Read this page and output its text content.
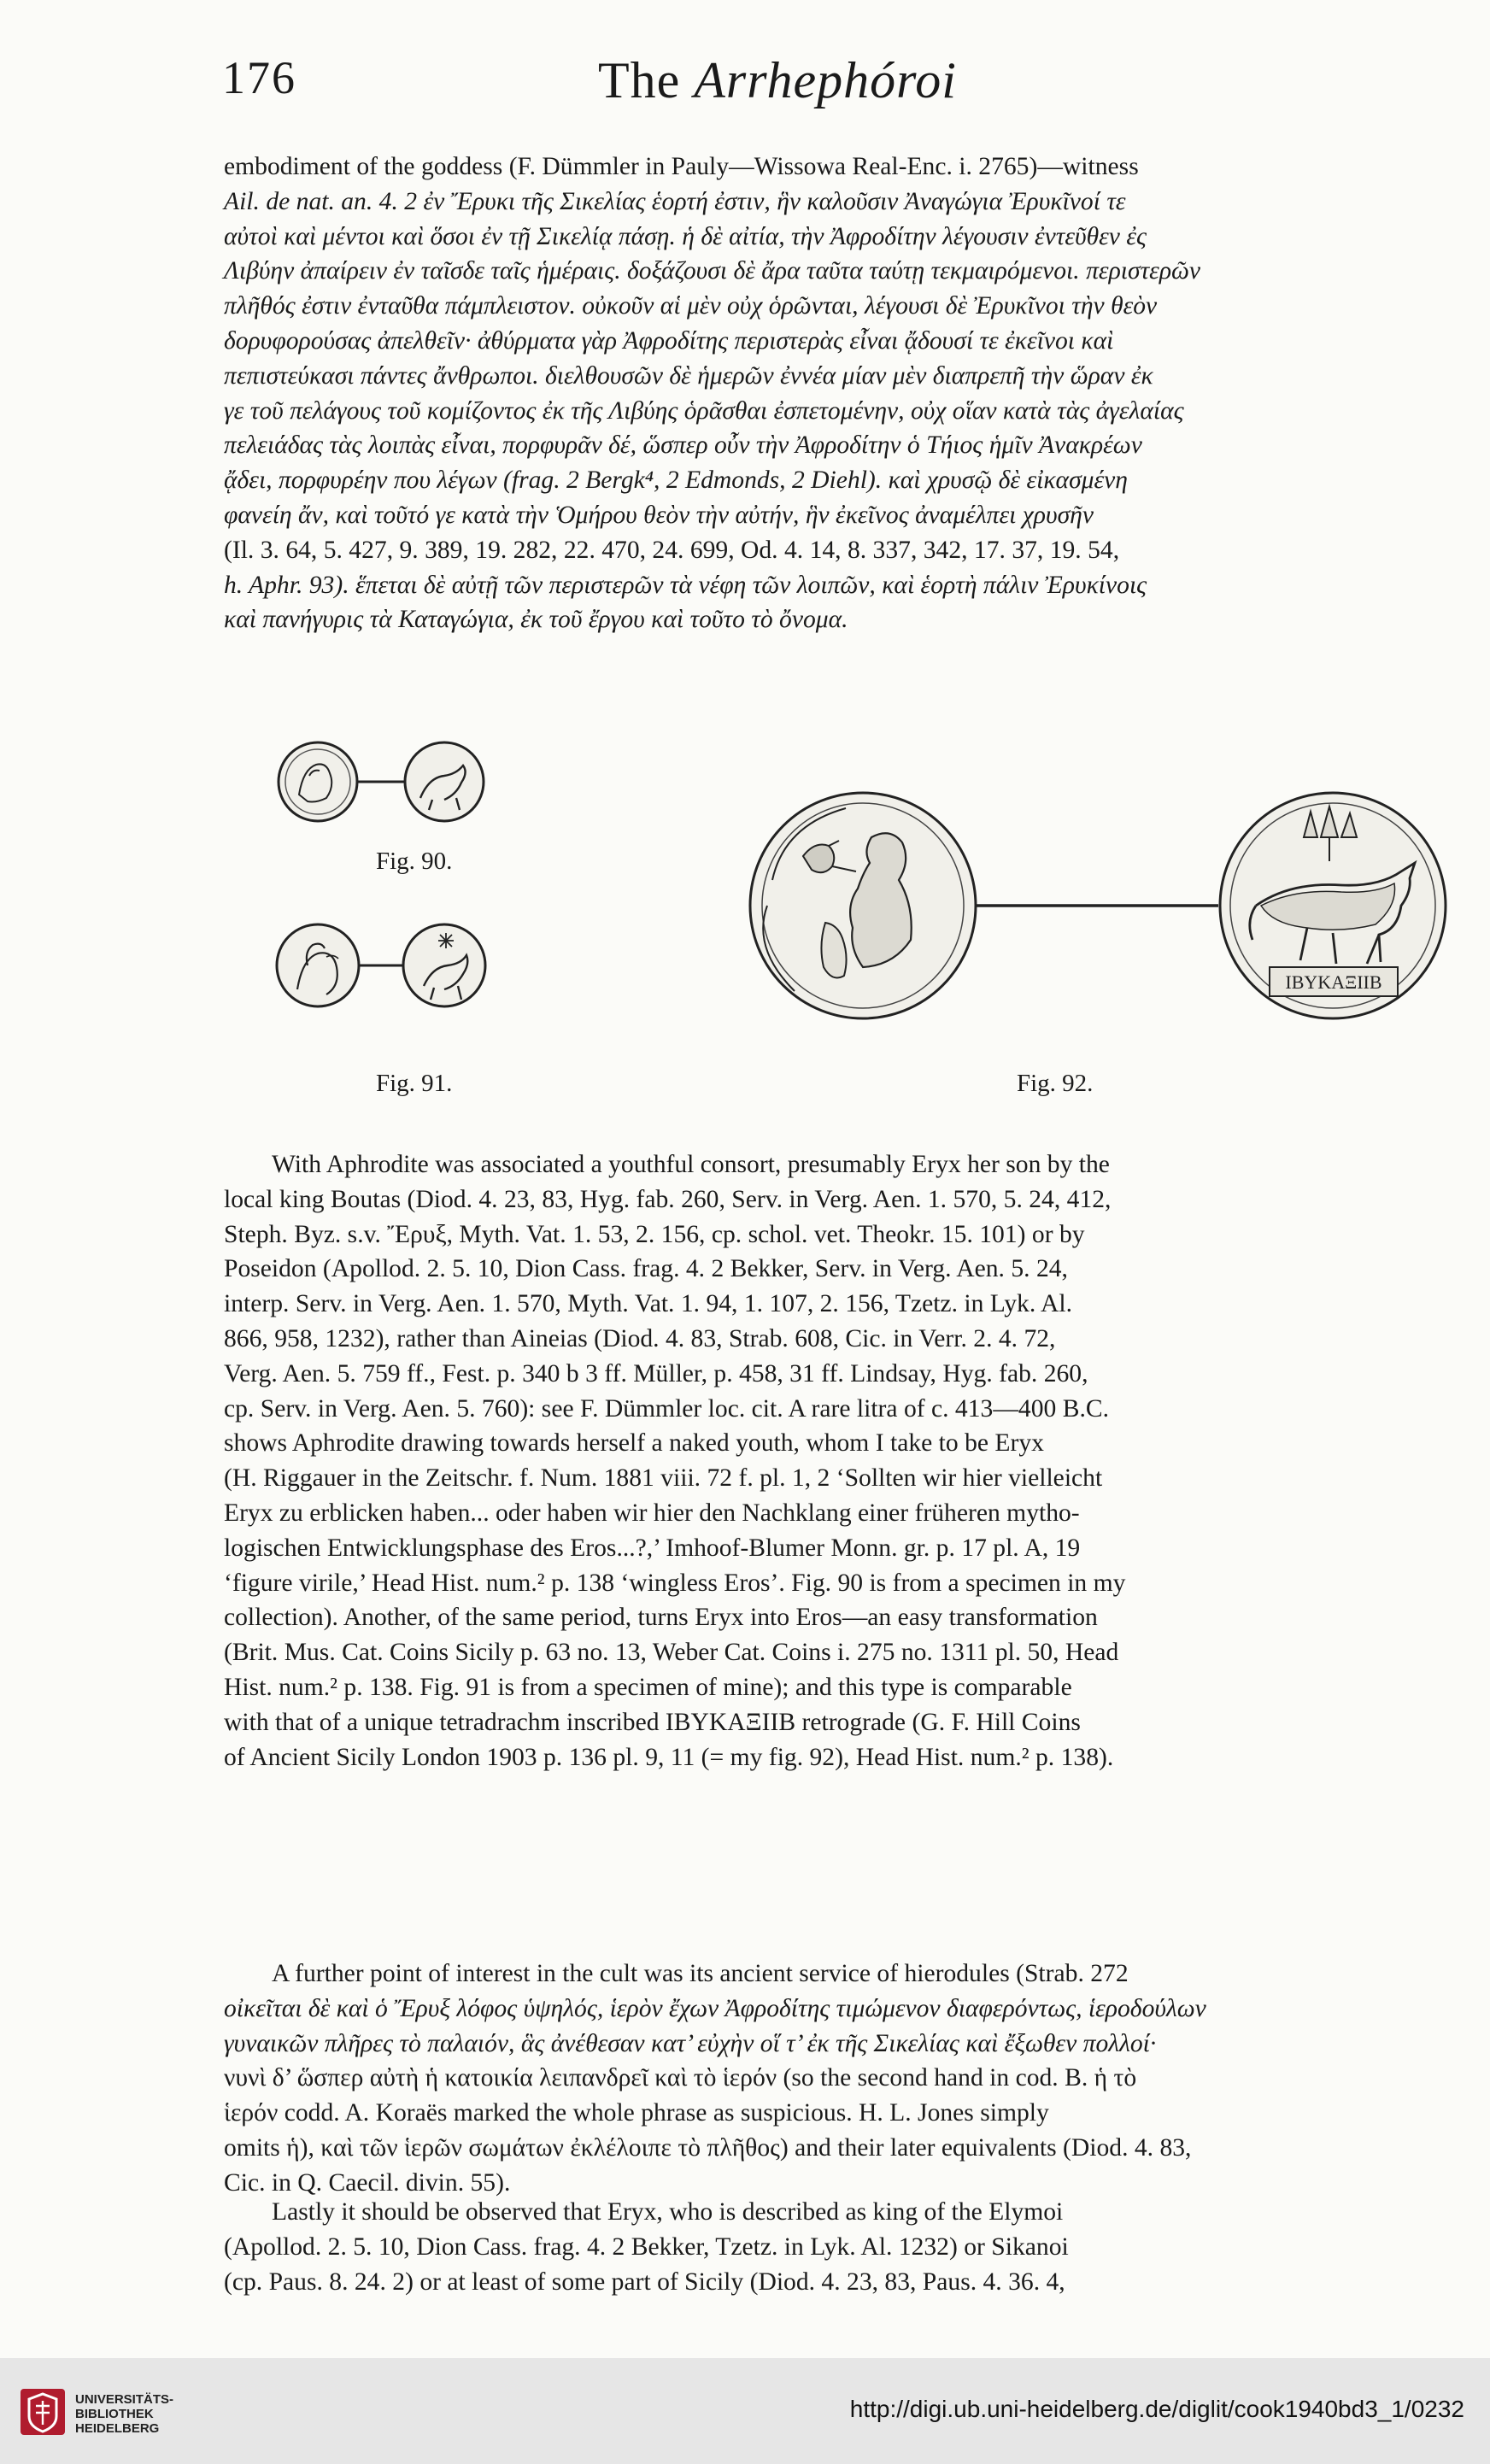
176	The Arrhephóroi

embodiment of the goddess (F. Dümmler in Pauly—Wissowa Real-Enc. i. 2765)—witness

Ail. de nat. an. 4. 2 ἐν Ἔρυκι τῆς Σικελίας ἑορτή ἐστιν, ἣν καλοῦσιν Ἀναγώγια Ἐρυκῖνοί τε

αὐτοὶ καὶ μέντοι καὶ ὅσοι ἐν τῇ Σικελίᾳ πάσῃ. ἡ δὲ αἰτία, τὴν Ἀφροδίτην λέγουσιν ἐντεῦθεν ἐς

Λιβύην ἀπαίρειν ἐν ταῖσδε ταῖς ἡμέραις. δοξάζουσι δὲ ἄρα ταῦτα ταύτῃ τεκμαιρόμενοι. περιστερῶν

πλῆθός ἐστιν ἐνταῦθα πάμπλειστον. οὐκοῦν αἱ μὲν οὐχ ὁρῶνται, λέγουσι δὲ Ἐρυκῖνοι τὴν θεὸν

δορυφορούσας ἀπελθεῖν· ἀθύρματα γὰρ Ἀφροδίτης περιστερὰς εἶναι ᾄδουσί τε ἐκεῖνοι καὶ

πεπιστεύκασι πάντες ἄνθρωποι. διελθουσῶν δὲ ἡμερῶν ἐννέα μίαν μὲν διαπρεπῆ τὴν ὥραν ἐκ

γε τοῦ πελάγους τοῦ κομίζοντος ἐκ τῆς Λιβύης ὁρᾶσθαι ἐσπετομένην, οὐχ οἵαν κατὰ τὰς ἀγελαίας

πελειάδας τὰς λοιπὰς εἶναι, πορφυρᾶν δέ, ὥσπερ οὖν τὴν Ἀφροδίτην ὁ Τήιος ἡμῖν Ἀνακρέων

ᾄδει, πορφυρέην που λέγων (frag. 2 Bergk⁴, 2 Edmonds, 2 Diehl). καὶ χρυσῷ δὲ εἰκασμένη

φανείη ἄν, καὶ τοῦτό γε κατὰ τὴν Ὁμήρου θεὸν τὴν αὐτήν, ἣν ἐκεῖνος ἀναμέλπει χρυσῆν

(Il. 3. 64, 5. 427, 9. 389, 19. 282, 22. 470, 24. 699, Od. 4. 14, 8. 337, 342, 17. 37, 19. 54,

h. Aphr. 93). ἕπεται δὲ αὐτῇ τῶν περιστερῶν τὰ νέφη τῶν λοιπῶν, καὶ ἑορτὴ πάλιν Ἐρυκίνοις

καὶ πανήγυρις τὰ Καταγώγια, ἐκ τοῦ ἔργου καὶ τοῦτο τὸ ὄνομα.

Fig. 90.
Fig. 91.
ΙΒΥΚΑΞΙΙΒ
Fig. 92.

With Aphrodite was associated a youthful consort, presumably Eryx her son by the

local king Boutas (Diod. 4. 23, 83, Hyg. fab. 260, Serv. in Verg. Aen. 1. 570, 5. 24, 412,

Steph. Byz. s.v. Ἔρυξ, Myth. Vat. 1. 53, 2. 156, cp. schol. vet. Theokr. 15. 101) or by

Poseidon (Apollod. 2. 5. 10, Dion Cass. frag. 4. 2 Bekker, Serv. in Verg. Aen. 5. 24,

interp. Serv. in Verg. Aen. 1. 570, Myth. Vat. 1. 94, 1. 107, 2. 156, Tzetz. in Lyk. Al.

866, 958, 1232), rather than Aineias (Diod. 4. 83, Strab. 608, Cic. in Verr. 2. 4. 72,

Verg. Aen. 5. 759 ff., Fest. p. 340 b 3 ff. Müller, p. 458, 31 ff. Lindsay, Hyg. fab. 260,

cp. Serv. in Verg. Aen. 5. 760): see F. Dümmler loc. cit. A rare litra of c. 413—400 B.C.

shows Aphrodite drawing towards herself a naked youth, whom I take to be Eryx

(H. Riggauer in the Zeitschr. f. Num. 1881 viii. 72 f. pl. 1, 2 ‘Sollten wir hier vielleicht

Eryx zu erblicken haben... oder haben wir hier den Nachklang einer früheren mytho-

logischen Entwicklungsphase des Eros...?,’ Imhoof-Blumer Monn. gr. p. 17 pl. A, 19

‘figure virile,’ Head Hist. num.² p. 138 ‘wingless Eros’. Fig. 90 is from a specimen in my

collection). Another, of the same period, turns Eryx into Eros—an easy transformation

(Brit. Mus. Cat. Coins Sicily p. 63 no. 13, Weber Cat. Coins i. 275 no. 1311 pl. 50, Head

Hist. num.² p. 138. Fig. 91 is from a specimen of mine); and this type is comparable

with that of a unique tetradrachm inscribed ΙΒΥΚΑΞΙΙΒ retrograde (G. F. Hill Coins

of Ancient Sicily London 1903 p. 136 pl. 9, 11 (= my fig. 92), Head Hist. num.² p. 138).

A further point of interest in the cult was its ancient service of hierodules (Strab. 272

οἰκεῖται δὲ καὶ ὁ Ἔρυξ λόφος ὑψηλός, ἱερὸν ἔχων Ἀφροδίτης τιμώμενον διαφερόντως, ἱεροδούλων

γυναικῶν πλῆρες τὸ παλαιόν, ἃς ἀνέθεσαν κατ’ εὐχὴν οἵ τ’ ἐκ τῆς Σικελίας καὶ ἔξωθεν πολλοί·

νυνὶ δ’ ὥσπερ αὐτὴ ἡ κατοικία λειπανδρεῖ καὶ τὸ ἱερόν (so the second hand in cod. B. ἡ τὸ

ἱερόν codd. A. Koraës marked the whole phrase as suspicious. H. L. Jones simply

omits ἡ), καὶ τῶν ἱερῶν σωμάτων ἐκλέλοιπε τὸ πλῆθος) and their later equivalents (Diod. 4. 83,

Cic. in Q. Caecil. divin. 55).

Lastly it should be observed that Eryx, who is described as king of the Elymoi

(Apollod. 2. 5. 10, Dion Cass. frag. 4. 2 Bekker, Tzetz. in Lyk. Al. 1232) or Sikanoi

(cp. Paus. 8. 24. 2) or at least of some part of Sicily (Diod. 4. 23, 83, Paus. 4. 36. 4,

UNIVERSITÄTS-
BIBLIOTHEK
HEIDELBERG
http://digi.ub.uni-heidelberg.de/diglit/cook1940bd3_1/0232
